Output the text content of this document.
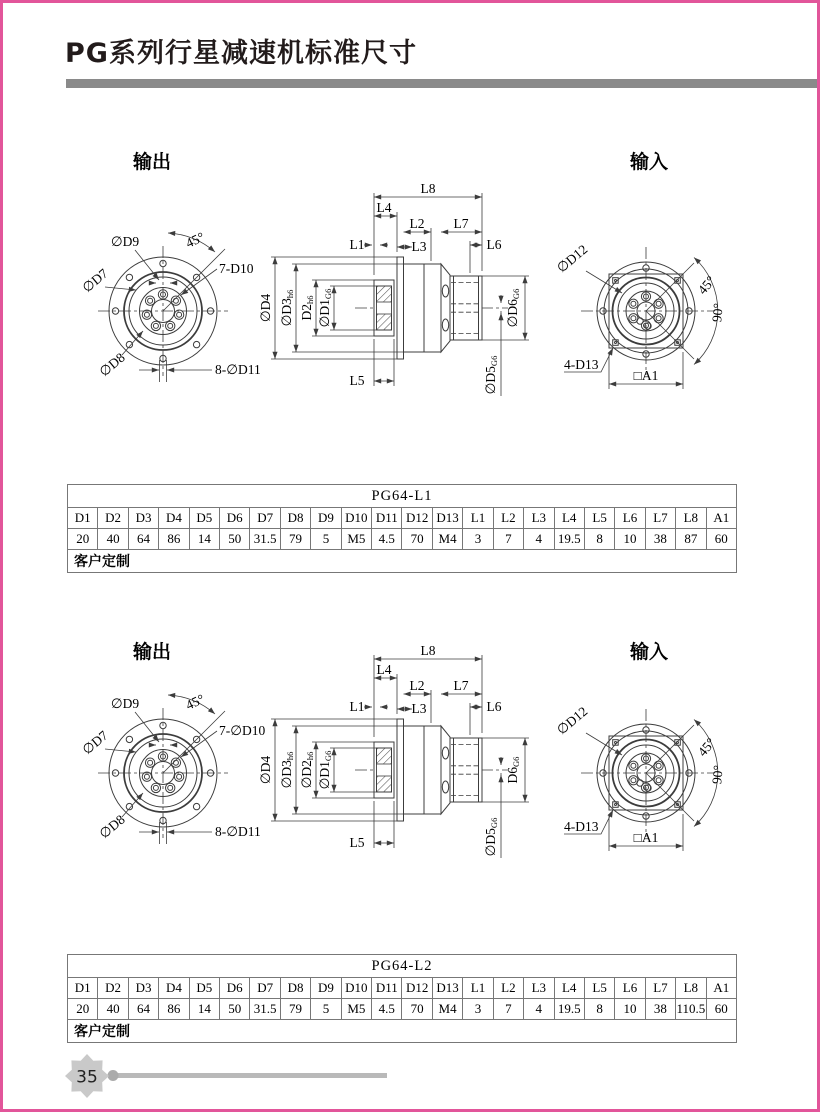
PG系列行星减速机标准尺寸
输出	输入
∅D9	45°
∅D7	7-D10
∅D8	8-∅D11
L8
L4
L1
L2
L3
L7
L6
L5
∅D4 ∅D3h6
D2h6 ∅D1G6
∅D6G6
∅D5G6
∅D12
45°
90°
4-D13
□A1
PG64-L1																					
D1	D2	D3	D4	D5	D6	D7	D8	D9	D10	D11	D12	D13	L1	L2	L3	L4	L5	L6	L7	L8	A1
20	40	64	86	14	50	31.5	79	5	M5	4.5	70	M4	3	7	4	19.5	8	10	38	87	60
客户定制																					
输出	输入
∅D9	45°
∅D7	7-∅D10
∅D8	8-∅D11
L8
L4
L1
L2
L3
L7
L6
L5
∅D4 ∅D3h6
∅D2h6
∅D1G6
D6G6
∅D5G6
∅D12
45°
90°
4-D13
□A1
PG64-L2																					
D1	D2	D3	D4	D5	D6	D7	D8	D9	D10	D11	D12	D13	L1	L2	L3	L4	L5	L6	L7	L8	A1
20	40	64	86	14	50	31.5	79	5	M5	4.5	70	M4	3	7	4	19.5	8	10	38	110.5	60
客户定制																					
35
